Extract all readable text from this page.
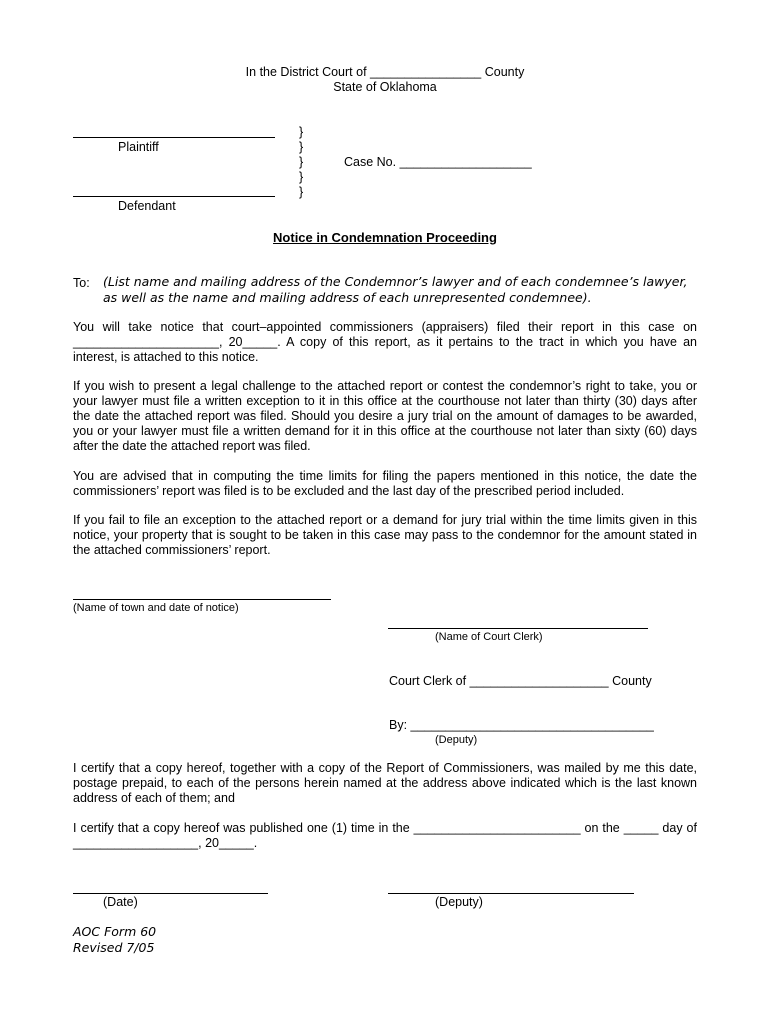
In the District Court of ________________ County
State of Oklahoma
Plaintiff
Defendant
}
}
}
}
}
Case No. ___________________
Notice in Condemnation Proceeding
To: (List name and mailing address of the Condemnor’s lawyer and of each condemnee’s lawyer,
as well as the name and mailing address of each unrepresented condemnee).
You will take notice that court–appointed commissioners (appraisers) filed their report in this case on _____________________, 20_____. A copy of this report, as it pertains to the tract in which you have an interest, is attached to this notice.
If you wish to present a legal challenge to the attached report or contest the condemnor’s right to take, you or your lawyer must file a written exception to it in this office at the courthouse not later than thirty (30) days after the date the attached report was filed. Should you desire a jury trial on the amount of damages to be awarded, you or your lawyer must file a written demand for it in this office at the courthouse not later than sixty (60) days after the date the attached report was filed.
You are advised that in computing the time limits for filing the papers mentioned in this notice, the date the commissioners’ report was filed is to be excluded and the last day of the prescribed period included.
If you fail to file an exception to the attached report or a demand for jury trial within the time limits given in this notice, your property that is sought to be taken in this case may pass to the condemnor for the amount stated in the attached commissioners’ report.
(Name of town and date of notice)
(Name of Court Clerk)
Court Clerk of ____________________ County
By: ___________________________________
(Deputy)
I certify that a copy hereof, together with a copy of the Report of Commissioners, was mailed by me this date, postage prepaid, to each of the persons herein named at the address above indicated which is the last known address of each of them; and
I certify that a copy hereof was published one (1) time in the ________________________ on the _____ day of __________________, 20_____.
(Date)	(Deputy)
AOC Form 60
Revised 7/05
